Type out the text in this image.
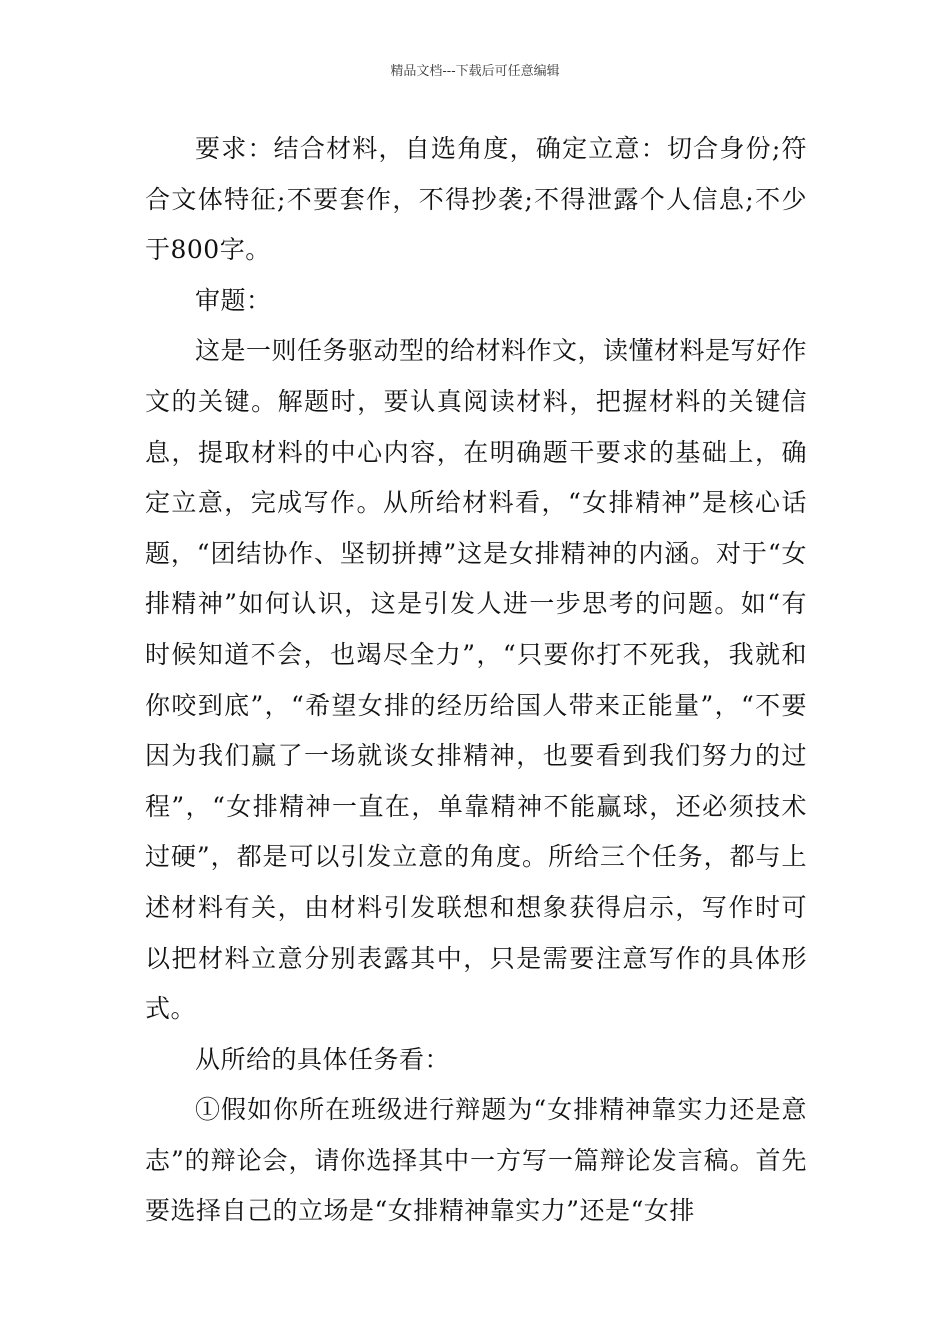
精品文档---下载后可任意编辑

要求：结合材料，自选角度，确定立意：切合身份;符合文体特征;不要套作，不得抄袭;不得泄露个人信息;不少于800字。

审题：

这是一则任务驱动型的给材料作文，读懂材料是写好作文的关键。解题时，要认真阅读材料，把握材料的关键信息，提取材料的中心内容，在明确题干要求的基础上，确定立意，完成写作。从所给材料看，“女排精神”是核心话题，“团结协作、坚韧拼搏”这是女排精神的内涵。对于“女排精神”如何认识，这是引发人进一步思考的问题。如“有时候知道不会，也竭尽全力”，“只要你打不死我，我就和你咬到底”，“希望女排的经历给国人带来正能量”，“不要因为我们赢了一场就谈女排精神，也要看到我们努力的过程”，“女排精神一直在，单靠精神不能赢球，还必须技术过硬”，都是可以引发立意的角度。所给三个任务，都与上述材料有关，由材料引发联想和想象获得启示，写作时可以把材料立意分别表露其中，只是需要注意写作的具体形式。

从所给的具体任务看：

①假如你所在班级进行辩题为“女排精神靠实力还是意志”的辩论会，请你选择其中一方写一篇辩论发言稿。首先要选择自己的立场是“女排精神靠实力”还是“女排
